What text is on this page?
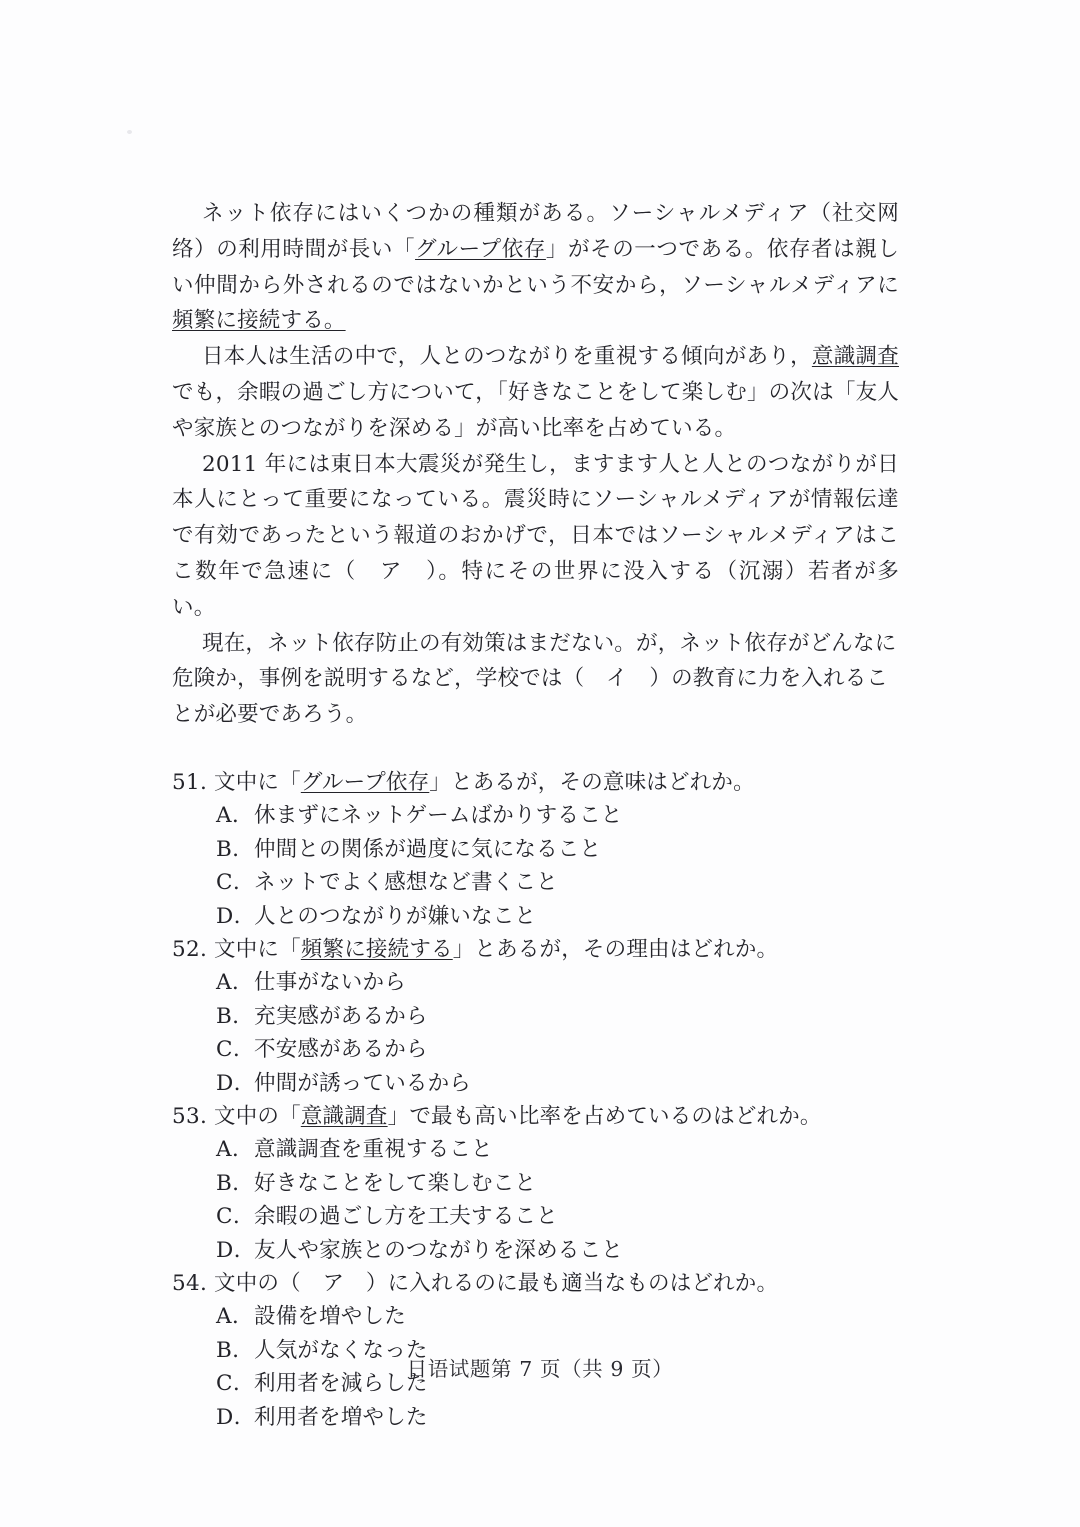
ネット依存にはいくつかの種類がある。ソーシャルメディア（社交网络）の利用時間が長い「グループ依存」がその一つである。依存者は親しい仲間から外されるのではないかという不安から，ソーシャルメディアに頻繁に接続する。

日本人は生活の中で，人とのつながりを重視する傾向があり，意識調査でも，余暇の過ごし方について，「好きなことをして楽しむ」の次は「友人や家族とのつながりを深める」が高い比率を占めている。

2011 年には東日本大震災が発生し，ますます人と人とのつながりが日本人にとって重要になっている。震災時にソーシャルメディアが情報伝達で有効であったという報道のおかげで，日本ではソーシャルメディアはここ数年で急速に（　ア　）。特にその世界に没入する（沉溺）若者が多い。

現在，ネット依存防止の有効策はまだない。が，ネット依存がどんなに危険か，事例を説明するなど，学校では（　イ　）の教育に力を入れることが必要であろう。

51. 文中に「グループ依存」とあるが，その意味はどれか。
A． 休まずにネットゲームばかりすること
B． 仲間との関係が過度に気になること
C． ネットでよく感想など書くこと
D．
人とのつながりが嫌いなこと
52. 文中に「頻繁に接続する」とあるが，その理由はどれか。
A． 仕事がないから
B． 充実感があるから
C． 不安感があるから
D．
仲間が誘っているから
53. 文中の「意識調査」で最も高い比率を占めているのはどれか。
A． 意識調査を重視すること
B． 好きなことをして楽しむこと
C． 余暇の過ごし方を工夫すること
D．
友人や家族とのつながりを深めること
54. 文中の（　ア　）に入れるのに最も適当なものはどれか。
A． 設備を増やした
B． 人気がなくなった
C． 利用者を減らした
D．
利用者を増やした
日语试题第 7 页（共 9 页）
